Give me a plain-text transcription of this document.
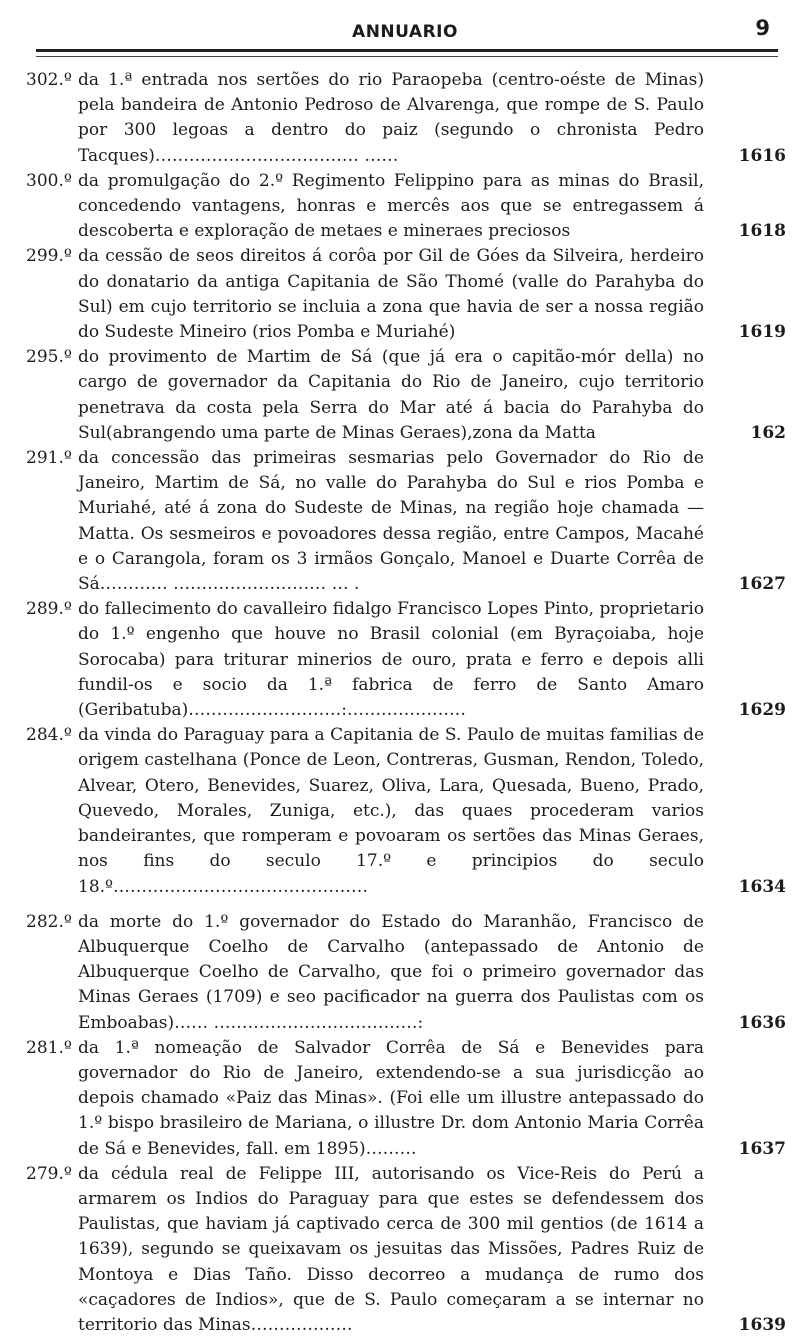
ANNUARIO	9
302.º da 1.ª entrada nos sertões do rio Paraopeba (centro-oéste de Minas) pela bandeira de Antonio Pedroso de Alvarenga, que rompe de S. Paulo por 300 legoas a dentro do paiz (segundo o chronista Pedro Tacques)……………………………… ……	1616
300.º da promulgação do 2.º Regimento Felippino para as minas do Brasil, concedendo vantagens, honras e mercês aos que se entregassem á descoberta e exploração de metaes e mineraes preciosos	1618
299.º da cessão de seos direitos á corôa por Gil de Góes da Silveira, herdeiro do donatario da antiga Capitania de São Thomé (valle do Parahyba do Sul) em cujo territorio se incluia a zona que havia de ser a nossa região do Sudeste Mineiro (rios Pomba e Muriahé)	1619
295.º do provimento de Martim de Sá (que já era o capitão-mór della) no cargo de governador da Capitania do Rio de Janeiro, cujo territorio penetrava da costa pela Serra do Mar até á bacia do Parahyba do Sul(abrangendo uma parte de Minas Geraes),zona da Matta	162
291.º da concessão das primeiras sesmarias pelo Governador do Rio de Janeiro, Martim de Sá, no valle do Parahyba do Sul e rios Pomba e Muriahé, até á zona do Sudeste de Minas, na região hoje chamada — Matta. Os sesmeiros e povoadores dessa região, entre Campos, Macahé e o Carangola, foram os 3 irmãos Gonçalo, Manoel e Duarte Corrêa de Sá………… ……………………… … .	1627
289.º do fallecimento do cavalleiro fidalgo Francisco Lopes Pinto, proprietario do 1.º engenho que houve no Brasil colonial (em Byraçoiaba, hoje Sorocaba) para triturar minerios de ouro, prata e ferro e depois alli fundil-os e socio da 1.ª fabrica de ferro de Santo Amaro (Geribatuba)………………………:…………………	1629
284.º da vinda do Paraguay para a Capitania de S. Paulo de muitas familias de origem castelhana (Ponce de Leon, Contreras, Gusman, Rendon, Toledo, Alvear, Otero, Benevides, Suarez, Oliva, Lara, Quesada, Bueno, Prado, Quevedo, Morales, Zuniga, etc.), das quaes procederam varios bandeirantes, que romperam e povoaram os sertões das Minas Geraes, nos fins do seculo 17.º e principios do seculo 18.º………………………………………	1634
282.º da morte do 1.º governador do Estado do Maranhão, Francisco de Albuquerque Coelho de Carvalho (antepassado de Antonio de Albuquerque Coelho de Carvalho, que foi o primeiro governador das Minas Geraes (1709) e seo pacificador na guerra dos Paulistas com os Emboabas)…… ………………………………:	1636
281.º da 1.ª nomeação de Salvador Corrêa de Sá e Benevides para governador do Rio de Janeiro, extendendo-se a sua jurisdicção ao depois chamado «Paiz das Minas». (Foi elle um illustre antepassado do 1.º bispo brasileiro de Mariana, o illustre Dr. dom Antonio Maria Corrêa de Sá e Benevides, fall. em 1895)………	1637
279.º da cédula real de Felippe III, autorisando os Vice-Reis do Perú a armarem os Indios do Paraguay para que estes se defendessem dos Paulistas, que haviam já captivado cerca de 300 mil gentios (de 1614 a 1639), segundo se queixavam os jesuitas das Missões, Padres Ruiz de Montoya e Dias Taño. Disso decorreo a mudança de rumo dos «caçadores de Indios», que de S. Paulo começaram a se internar no territorio das Minas………………	1639
